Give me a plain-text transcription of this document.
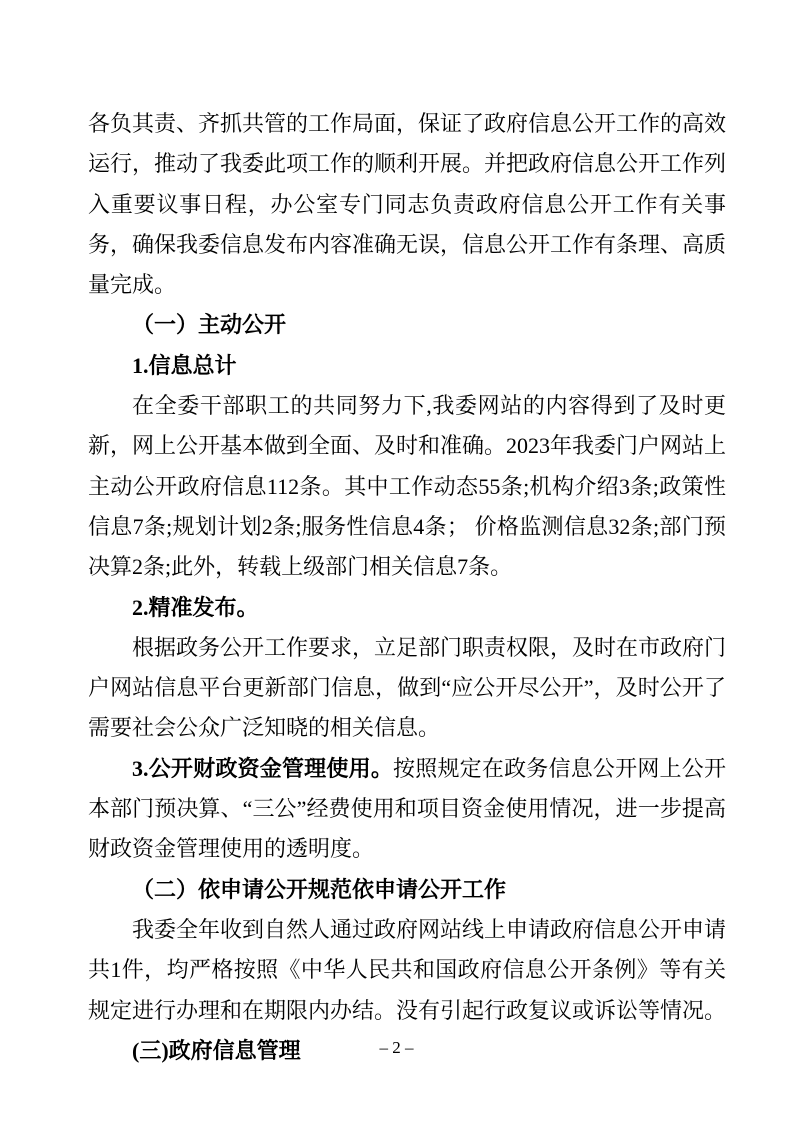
各负其责、齐抓共管的工作局面，保证了政府信息公开工作的高效运行，推动了我委此项工作的顺利开展。并把政府信息公开工作列入重要议事日程，办公室专门同志负责政府信息公开工作有关事务，确保我委信息发布内容准确无误，信息公开工作有条理、高质量完成。

（一）主动公开

1.信息总计

在全委干部职工的共同努力下,我委网站的内容得到了及时更新，网上公开基本做到全面、及时和准确。2023年我委门户网站上主动公开政府信息112条。其中工作动态55条;机构介绍3条;政策性信息7条;规划计划2条;服务性信息4条； 价格监测信息32条;部门预决算2条;此外，转载上级部门相关信息7条。

2.精准发布。

根据政务公开工作要求，立足部门职责权限，及时在市政府门户网站信息平台更新部门信息，做到“应公开尽公开”，及时公开了需要社会公众广泛知晓的相关信息。

3.公开财政资金管理使用。按照规定在政务信息公开网上公开本部门预决算、“三公”经费使用和项目资金使用情况，进一步提高财政资金管理使用的透明度。

（二）依申请公开规范依申请公开工作

我委全年收到自然人通过政府网站线上申请政府信息公开申请共1件，均严格按照《中华人民共和国政府信息公开条例》等有关规定进行办理和在期限内办结。没有引起行政复议或诉讼等情况。

(三)政府信息管理	– 2 –
